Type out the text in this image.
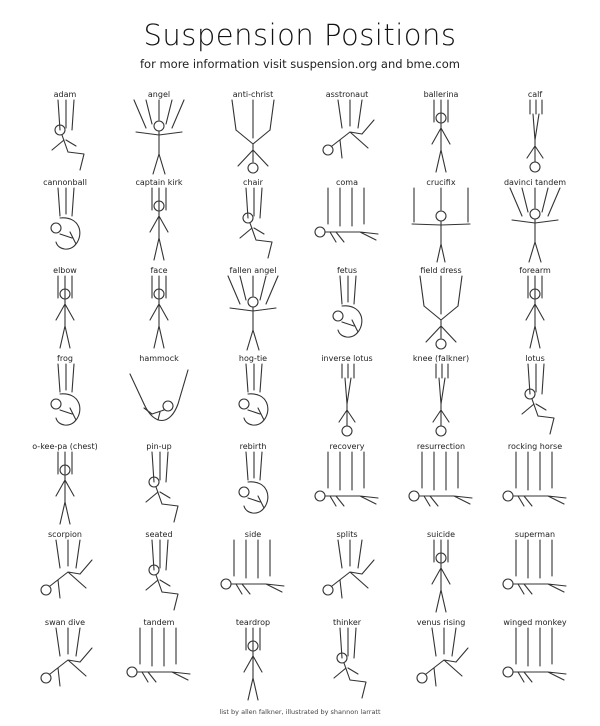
Suspension Positions
for more information visit suspension.org and bme.com
adam	angel	anti-christ	asstronaut	ballerina	calf
cannonball	captain kirk	chair	coma	crucifix	davinci tandem
elbow	face	fallen angel	fetus	field dress	forearm
frog	hammock	hog-tie	inverse lotus	knee (falkner)	lotus
o-kee-pa (chest)	pin-up	rebirth	recovery	resurrection	rocking horse
scorpion	seated	side	splits	suicide	superman
swan dive	tandem	teardrop	thinker	venus rising	winged monkey
list by allen falkner, illustrated by shannon larratt
